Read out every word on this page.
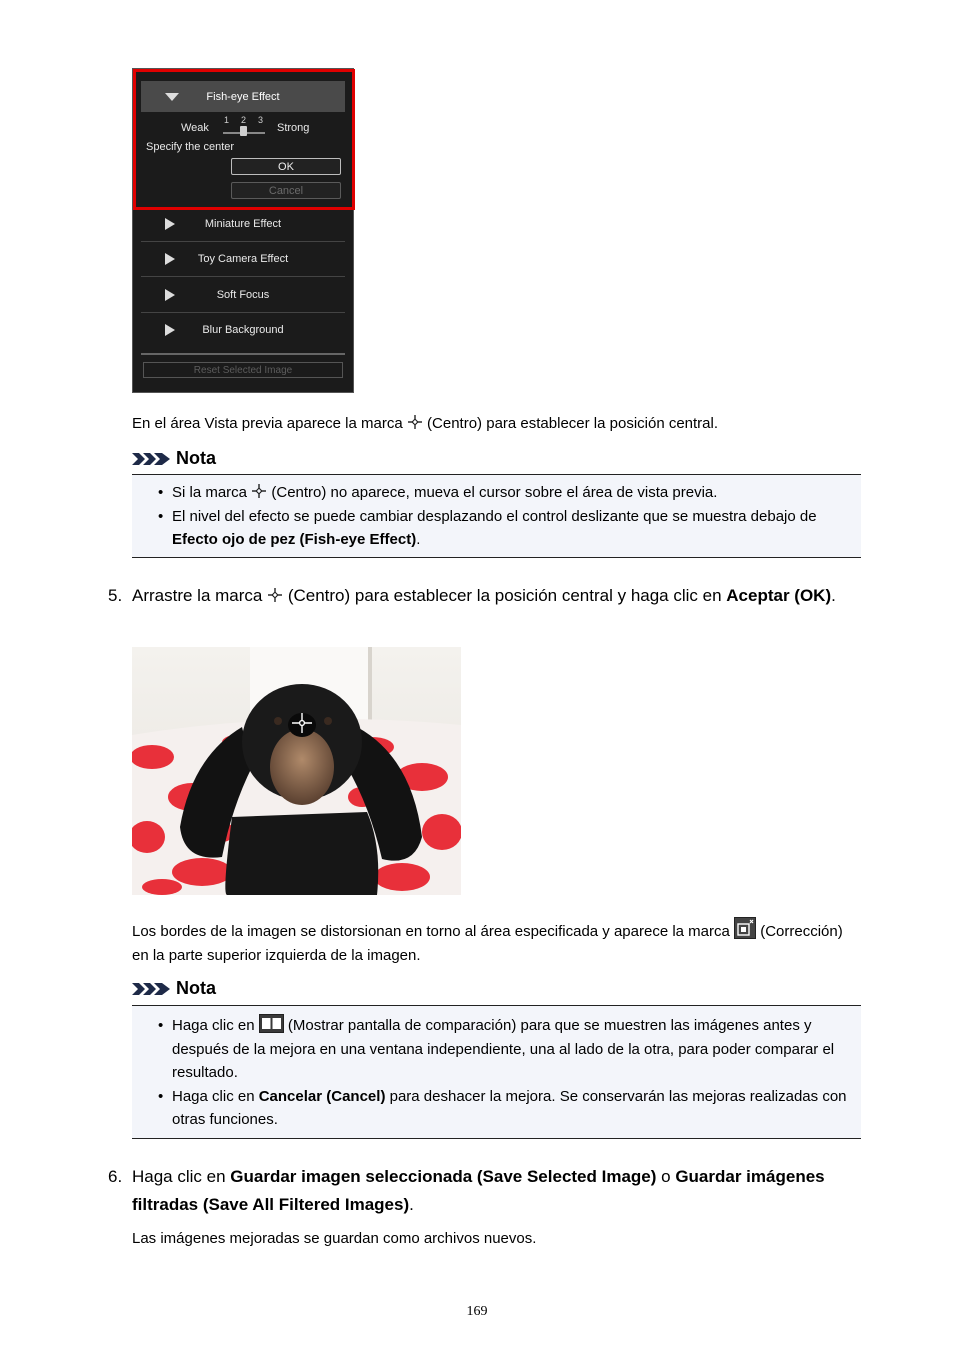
Fish-eye Effect
Weak
1 2 3
Strong
Specify the center
OK
Cancel
Miniature Effect
Toy Camera Effect
Soft Focus
Blur Background
Reset Selected Image
En el área Vista previa aparece la marca  (Centro) para establecer la posición central.
Nota
• Si la marca  (Centro) no aparece, mueva el cursor sobre el área de vista previa.
• El nivel del efecto se puede cambiar desplazando el control deslizante que se muestra debajo de Efecto ojo de pez (Fish-eye Effect).
5. Arrastre la marca  (Centro) para establecer la posición central y haga clic en Aceptar (OK).
Los bordes de la imagen se distorsionan en torno al área especificada y aparece la marca  (Corrección) en la parte superior izquierda de la imagen.
Nota
• Haga clic en  (Mostrar pantalla de comparación) para que se muestren las imágenes antes y después de la mejora en una ventana independiente, una al lado de la otra, para poder comparar el resultado.
• Haga clic en Cancelar (Cancel) para deshacer la mejora. Se conservarán las mejoras realizadas con otras funciones.
6. Haga clic en Guardar imagen seleccionada (Save Selected Image) o Guardar imágenes filtradas (Save All Filtered Images).
Las imágenes mejoradas se guardan como archivos nuevos.
169
